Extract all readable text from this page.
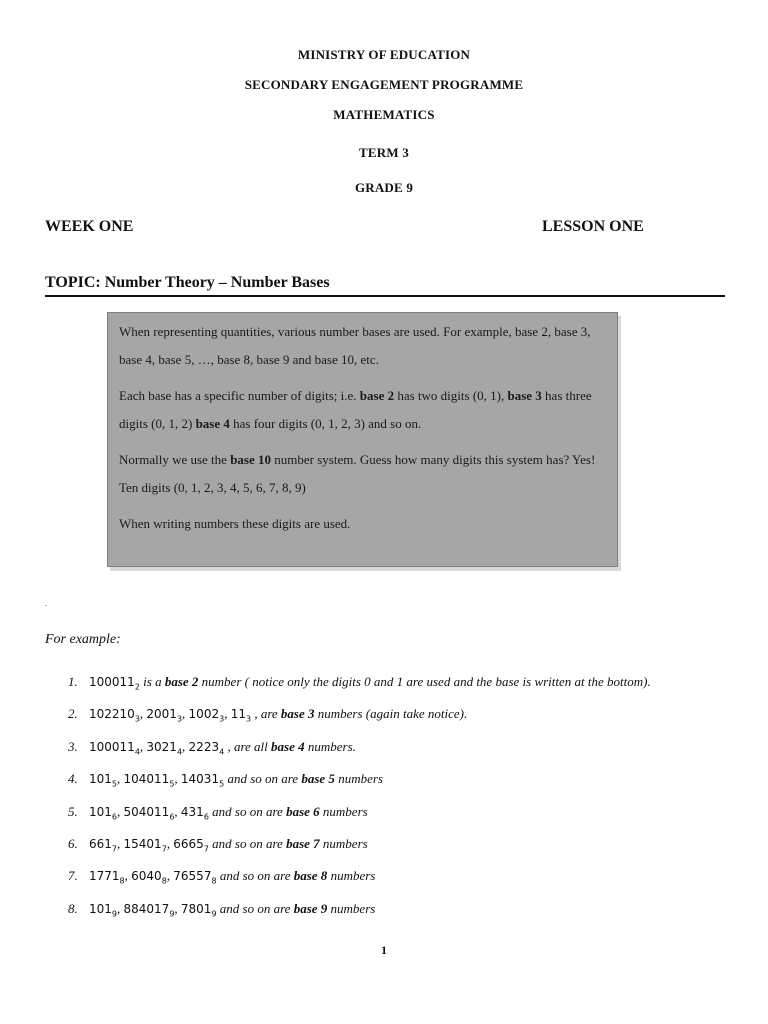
MINISTRY OF EDUCATION
SECONDARY ENGAGEMENT PROGRAMME
MATHEMATICS
TERM 3
GRADE 9
WEEK ONE	LESSON ONE
TOPIC: Number Theory – Number Bases

When representing quantities, various number bases are used. For example, base 2, base 3, base 4, base 5, …, base 8, base 9 and base 10, etc.

Each base has a specific number of digits; i.e. base 2 has two digits (0, 1), base 3 has three digits (0, 1, 2) base 4 has four digits (0, 1, 2, 3) and so on.

Normally we use the base 10 number system. Guess how many digits this system has? Yes! Ten digits (0, 1, 2, 3, 4, 5, 6, 7, 8, 9)

When writing numbers these digits are used.

.
For example:
1. $100011_2$ is a base 2 number ( notice only the digits 0 and 1 are used and the base is written at the bottom).
2. $102210_3$, $2001_3$, $1002_3$, $11_3$ , are base 3 numbers (again take notice).
3. $100011_4$, $3021_4$, $2223_4$ , are all base 4 numbers.
4. $101_5$, $104011_5$, $14031_5$ and so on are base 5 numbers
5. $101_6$, $504011_6$, $431_6$ and so on are base 6 numbers
6. $661_7$, $15401_7$, $6665_7$ and so on are base 7 numbers
7. $1771_8$, $6040_8$, $76557_8$ and so on are base 8 numbers
8. $101_9$, $884017_9$, $7801_9$ and so on are base 9 numbers
1
